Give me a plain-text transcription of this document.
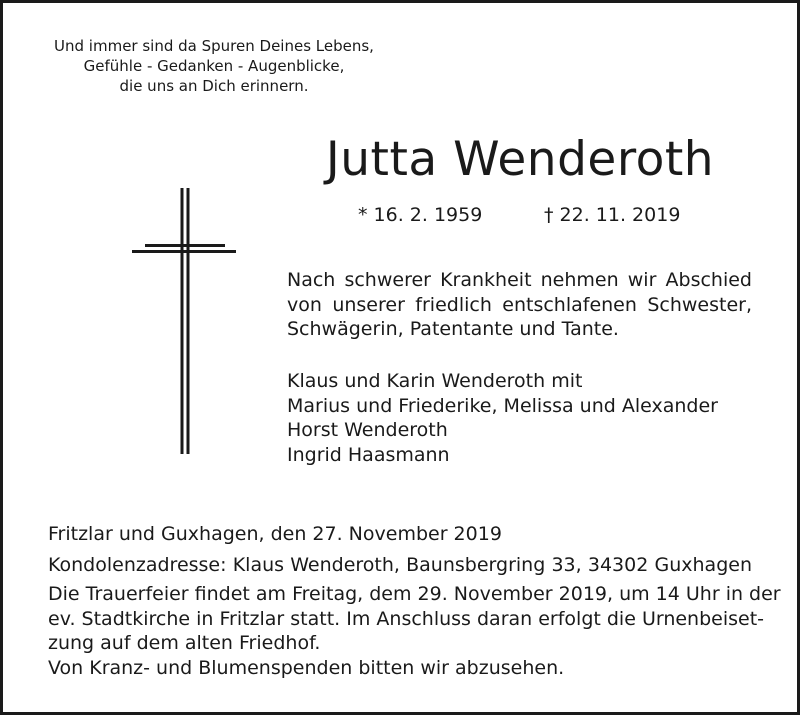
Und immer sind da Spuren Deines Lebens,
Gefühle - Gedanken - Augenblicke,
die uns an Dich erinnern.
Jutta Wenderoth
* 16. 2. 1959	† 22. 11. 2019
Nach schwerer Krankheit nehmen wir Abschied
von unserer friedlich entschlafenen Schwester,
Schwägerin, Patentante und Tante.
Klaus und Karin Wenderoth mit
Marius und Friederike, Melissa und Alexander
Horst Wenderoth
Ingrid Haasmann
Fritzlar und Guxhagen, den 27. November 2019
Kondolenzadresse: Klaus Wenderoth, Baunsbergring 33, 34302 Guxhagen
Die Trauerfeier findet am Freitag, dem 29. November 2019, um 14 Uhr in der
ev. Stadtkirche in Fritzlar statt. Im Anschluss daran erfolgt die Urnenbeiset-
zung auf dem alten Friedhof.
Von Kranz- und Blumenspenden bitten wir abzusehen.
